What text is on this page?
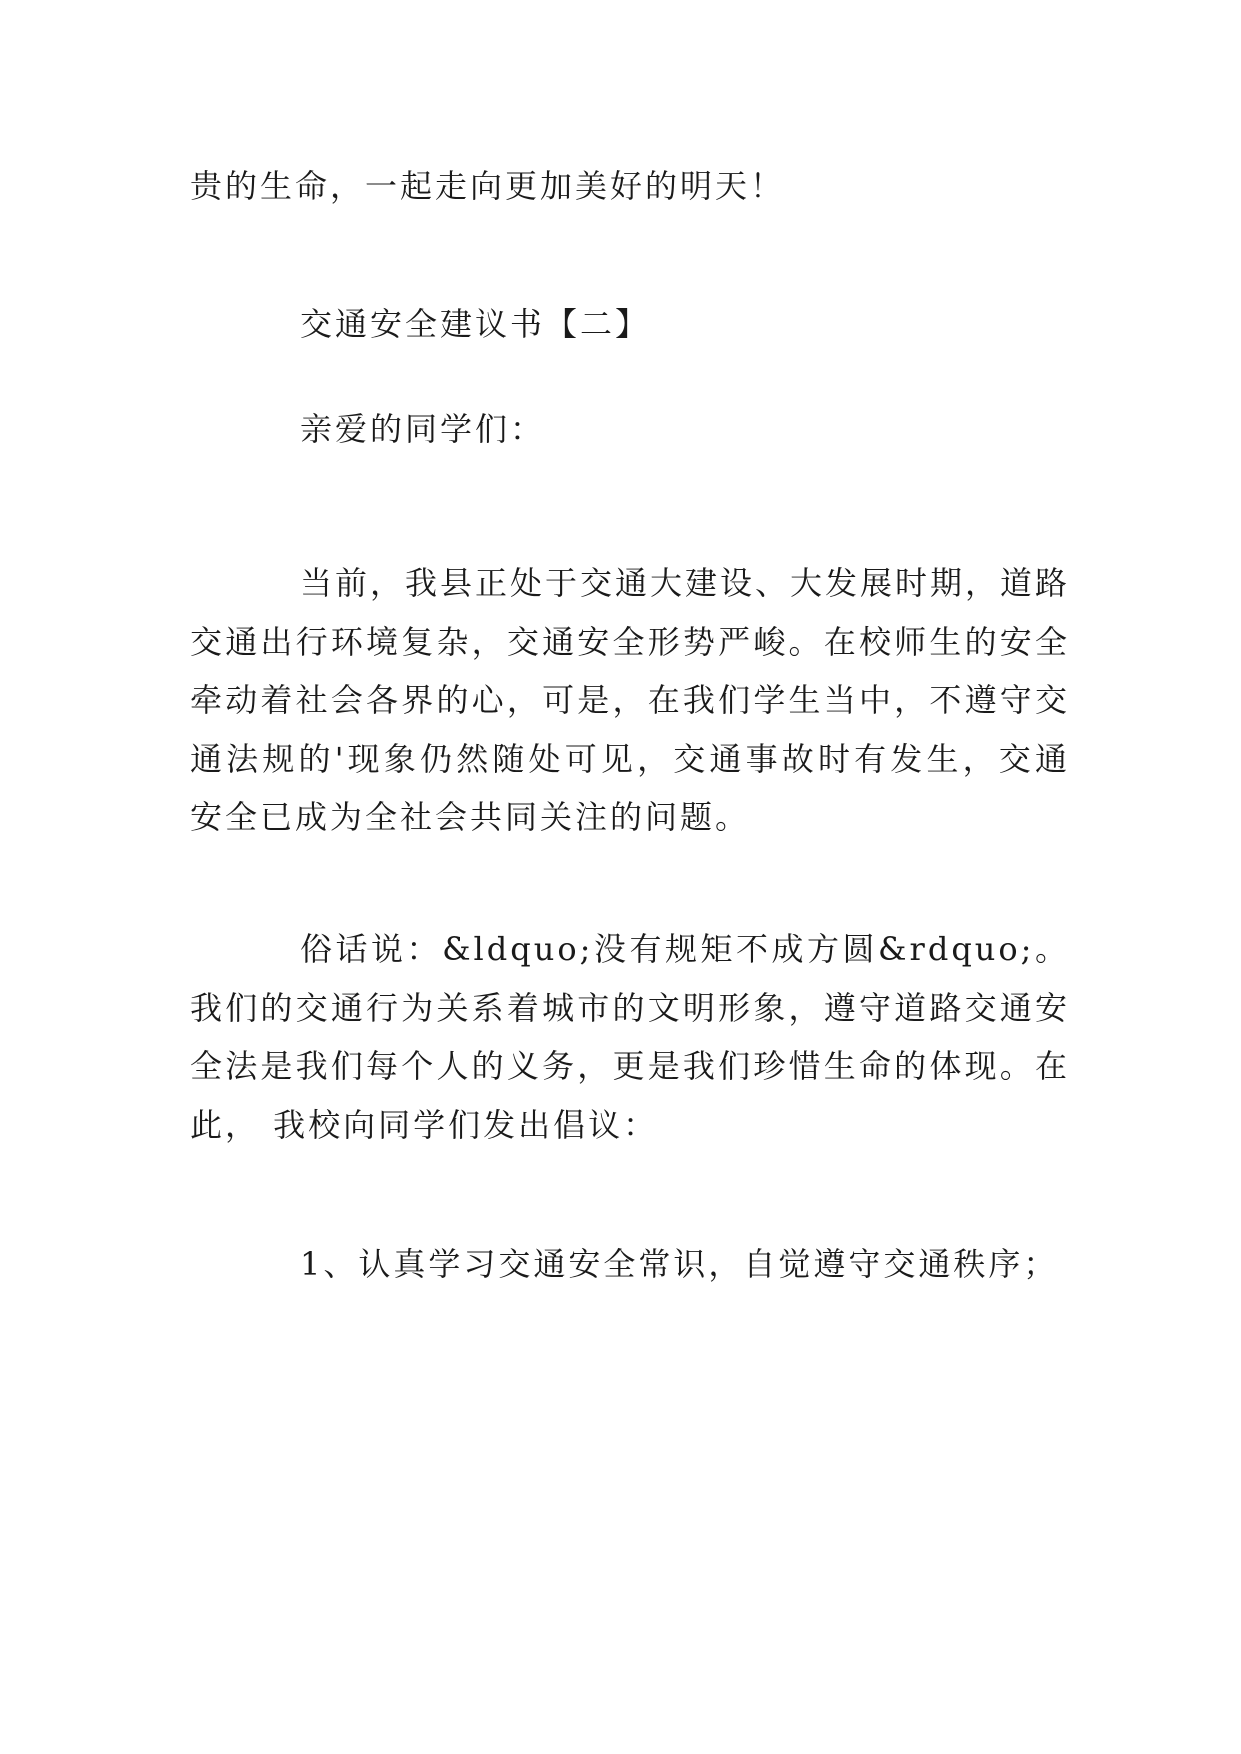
贵的生命，一起走向更加美好的明天！
交通安全建议书【二】
亲爱的同学们：

当前，我县正处于交通大建设、大发展时期，道路交通出行环境复杂，交通安全形势严峻。在校师生的安全牵动着社会各界的心，可是，在我们学生当中，不遵守交通法规的'现象仍然随处可见，交通事故时有发生，交通安全已成为全社会共同关注的问题。

俗话说：&ldquo;没有规矩不成方圆&rdquo;。我们的交通行为关系着城市的文明形象，遵守道路交通安全法是我们每个人的义务，更是我们珍惜生命的体现。在此， 我校向同学们发出倡议：

1、认真学习交通安全常识，自觉遵守交通秩序；
